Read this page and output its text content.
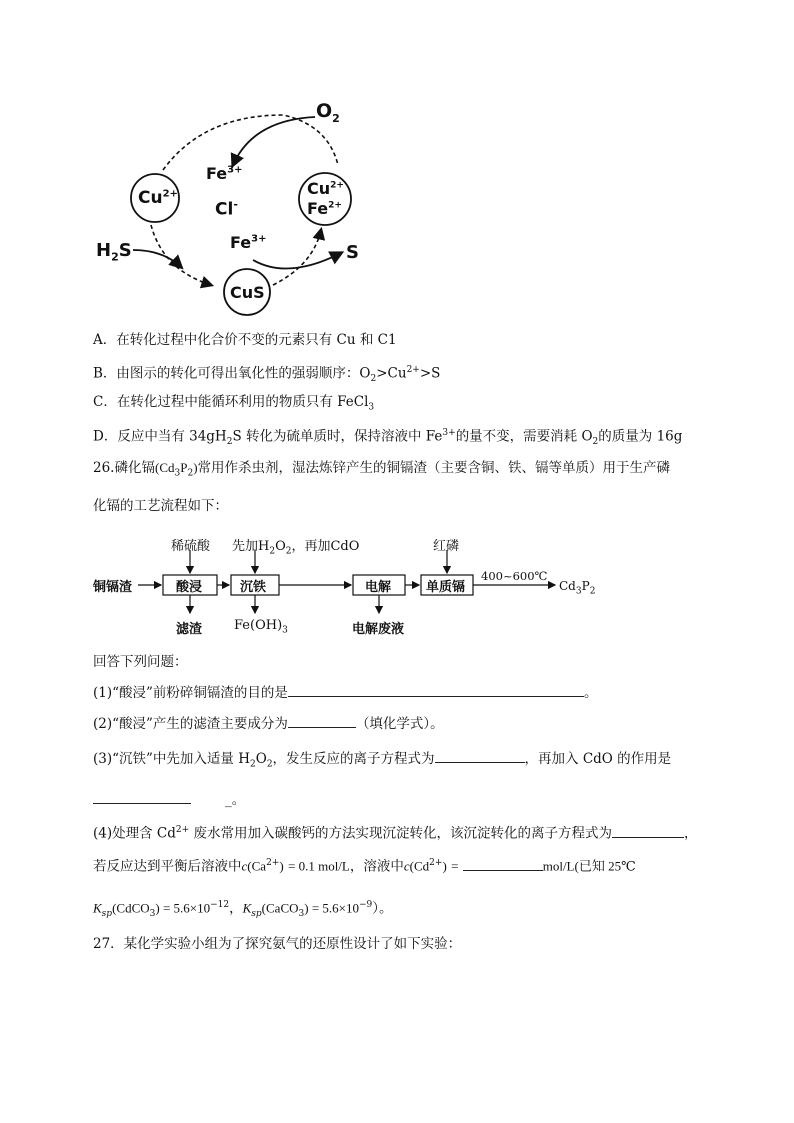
$O_2$
$Cu^{2+}$
$Fe^{3+}$
Cl-
$Cu^{2+}$
$Fe^{2+}$
$Fe^{3+}$
$H_2S$	S
CuS
A．在转化过程中化合价不变的元素只有 Cu 和 C1
B．由图示的转化可得出氧化性的强弱顺序：$O_2>Cu^{2+}>S$
C．在转化过程中能循环利用的物质只有 FeCl$_3$
D．反应中当有 $34gH_2S$ 转化为硫单质时，保持溶液中 $Fe^{3+}$的量不变，需要消耗 $O_2$的质量为 16g
26.磷化镉$(Cd_3P_2)$常用作杀虫剂，湿法炼锌产生的铜镉渣（主要含铜、铁、镉等单质）用于生产磷
化镉的工艺流程如下：
铜镉渣
稀硫酸
酸浸
滤渣
先加$H_2O_2$，再加CdO
沉铁
$Fe(OH)_3$
电解
电解废液
红磷
单质镉
400~600℃
$Cd_3P_2$
回答下列问题：
(1)“酸浸”前粉碎铜镉渣的目的是	。
(2)“酸浸”产生的滤渣主要成分为	（填化学式）。
(3)“沉铁”中先加入适量 $H_2O_2$，发生反应的离子方程式为	，再加入 CdO 的作用是
_。
(4)处理含 $Cd^{2+}$ 废水常用加入碳酸钙的方法实现沉淀转化，该沉淀转化的离子方程式为	，
若反应达到平衡后溶液中$c(Ca^{2+}) = 0.1$ mol/L，溶液中$c(Cd^{2+})$ =	mol/L(已知 25℃
$K_{sp}(CdCO_3) = 5.6\times 10^{-12}$，$K_{sp}(CaCO_3) = 5.6\times 10^{-9}$）。
27．某化学实验小组为了探究氨气的还原性设计了如下实验：
